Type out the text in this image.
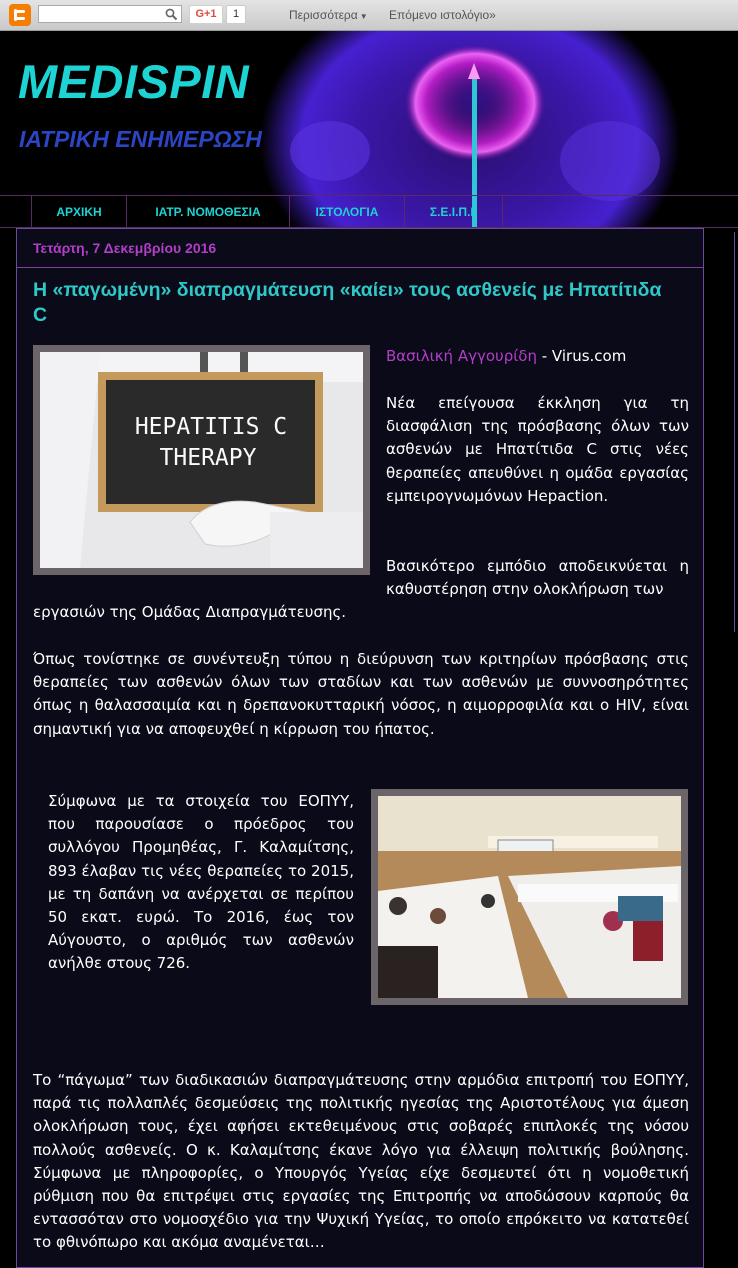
G+1	1	Περισσότερα ▼ Επόμενο ιστολόγιο»
MEDISPIN
ΙΑΤΡΙΚΗ ΕΝΗΜΕΡΩΣΗ
ΑΡΧΙΚΗ	ΙΑΤΡ. ΝΟΜΟΘΕΣΙΑ	ΙΣΤΟΛΟΓΙΑ	Σ.Ε.Ι.Π.Ι.
Τετάρτη, 7 Δεκεμβρίου 2016
Η «παγωμένη» διαπραγμάτευση «καίει» τους ασθενείς με Ηπατίτιδα C
HEPATITIS C
THERAPY
Βασιλική Αγγουρίδη - Virus.com
Νέα επείγουσα έκκληση για τη διασφάλιση της πρόσβασης όλων των ασθενών με Ηπατίτιδα C στις νέες θεραπείες απευθύνει η ομάδα εργασίας εμπειρογνωμόνων Hepaction.
Βασικότερο εμπόδιο αποδεικνύεται η καθυστέρηση στην ολοκλήρωση των
εργασιών της Ομάδας Διαπραγμάτευσης.
Όπως τονίστηκε σε συνέντευξη τύπου η διεύρυνση των κριτηρίων πρόσβασης στις θεραπείες των ασθενών όλων των σταδίων και των ασθενών με συννοσηρότητες όπως η θαλασσαιμία και η δρεπανοκυτταρική νόσος, η αιμορροφιλία και ο HIV, είναι σημαντική για να αποφευχθεί η κίρρωση του ήπατος.
Σύμφωνα με τα στοιχεία του ΕΟΠΥΥ, που παρουσίασε ο πρόεδρος του συλλόγου Προμηθέας, Γ. Καλαμίτσης, 893 έλαβαν τις νέες θεραπείες το 2015, με τη δαπάνη να ανέρχεται σε περίπου 50 εκατ. ευρώ. Το 2016, έως τον Αύγουστο, ο αριθμός των ασθενών ανήλθε στους 726.
Το “πάγωμα” των διαδικασιών διαπραγμάτευσης στην αρμόδια επιτροπή του ΕΟΠΥΥ, παρά τις πολλαπλές δεσμεύσεις της πολιτικής ηγεσίας της Αριστοτέλους για άμεση ολοκλήρωση τους, έχει αφήσει εκτεθειμένους στις σοβαρές επιπλοκές της νόσου πολλούς ασθενείς. Ο κ. Καλαμίτσης έκανε λόγο για έλλειψη πολιτικής βούλησης. Σύμφωνα με πληροφορίες, ο Υπουργός Υγείας είχε δεσμευτεί ότι η νομοθετική ρύθμιση που θα επιτρέψει στις εργασίες της Επιτροπής να αποδώσουν καρπούς θα εντασσόταν στο νομοσχέδιο για την Ψυχική Υγείας, το οποίο επρόκειτο να κατατεθεί το φθινόπωρο και ακόμα αναμένεται…
